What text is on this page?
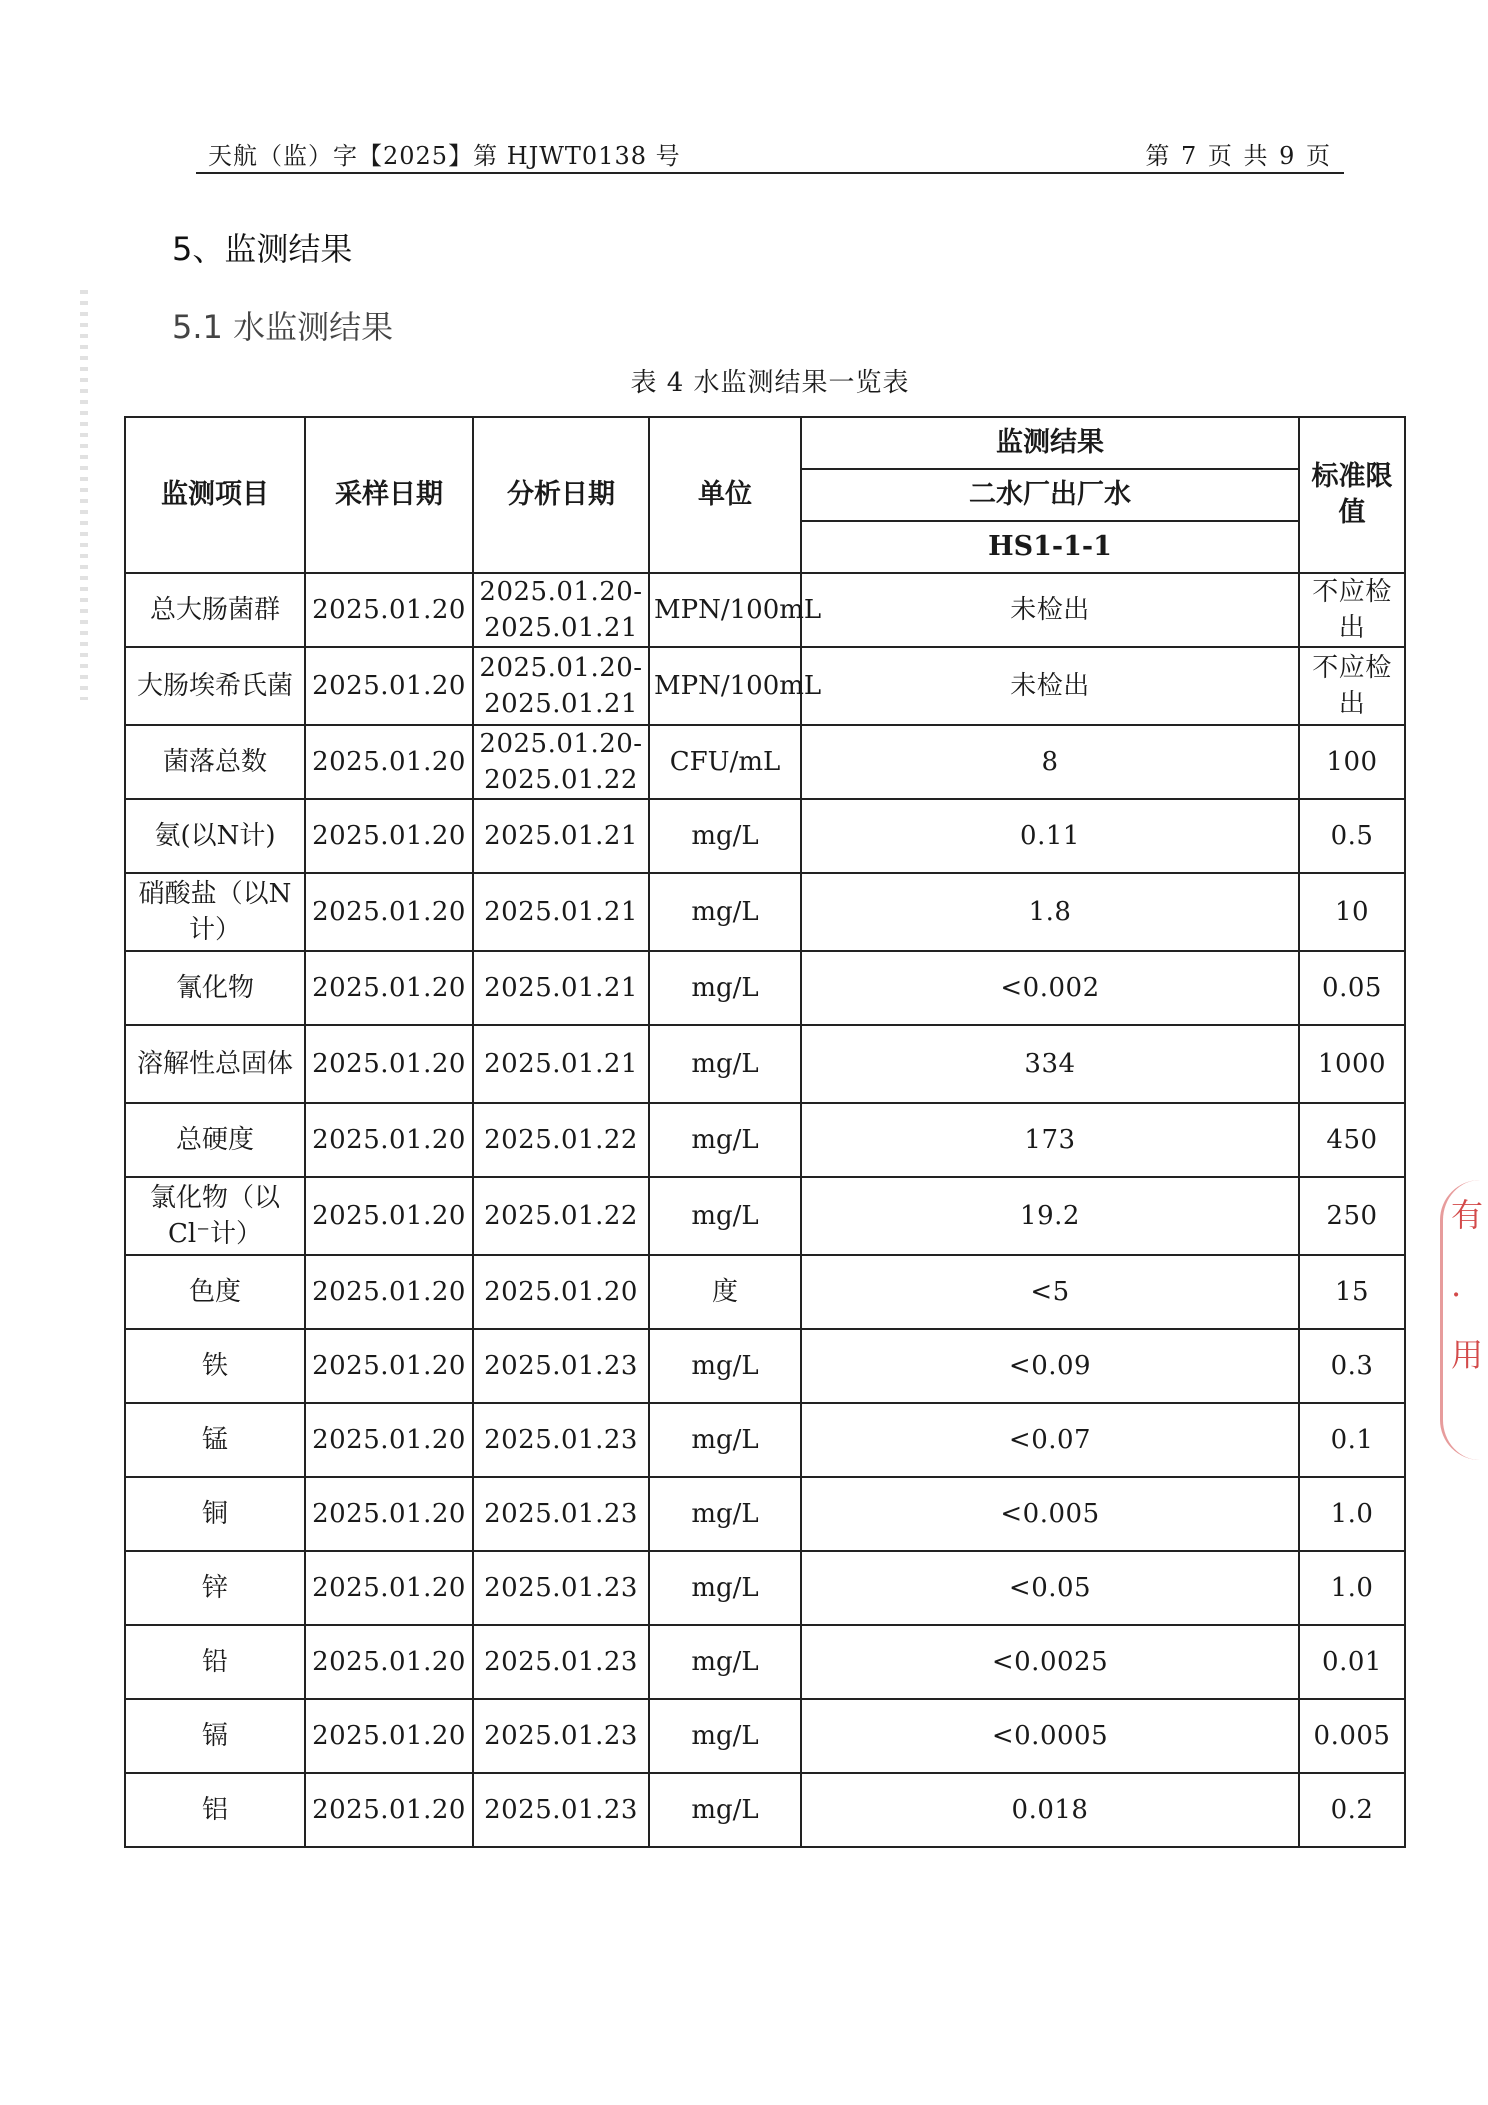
天航（监）字【2025】第 HJWT0138 号	第 7 页 共 9 页
5、监测结果
5.1 水监测结果
表 4 水监测结果一览表
监测项目	采样日期	分析日期	单位	监测结果	标准限值
				二水厂出厂水	
				HS1-1-1	
总大肠菌群	2025.01.20	2025.01.20-2025.01.21	MPN/100mL	未检出	不应检出
大肠埃希氏菌	2025.01.20	2025.01.20-2025.01.21	MPN/100mL	未检出	不应检出
菌落总数	2025.01.20	2025.01.20-2025.01.22	CFU/mL	8	100
氨(以N计)	2025.01.20	2025.01.21	mg/L	0.11	0.5
硝酸盐（以N计）	2025.01.20	2025.01.21	mg/L	1.8	10
氰化物	2025.01.20	2025.01.21	mg/L	<0.002	0.05
溶解性总固体	2025.01.20	2025.01.21	mg/L	334	1000
总硬度	2025.01.20	2025.01.22	mg/L	173	450
氯化物（以Cl⁻计）	2025.01.20	2025.01.22	mg/L	19.2	250
色度	2025.01.20	2025.01.20	度	<5	15
铁	2025.01.20	2025.01.23	mg/L	<0.09	0.3
锰	2025.01.20	2025.01.23	mg/L	<0.07	0.1
铜	2025.01.20	2025.01.23	mg/L	<0.005	1.0
锌	2025.01.20	2025.01.23	mg/L	<0.05	1.0
铅	2025.01.20	2025.01.23	mg/L	<0.0025	0.01
镉	2025.01.20	2025.01.23	mg/L	<0.0005	0.005
铝	2025.01.20	2025.01.23	mg/L	0.018	0.2
有 . 用
